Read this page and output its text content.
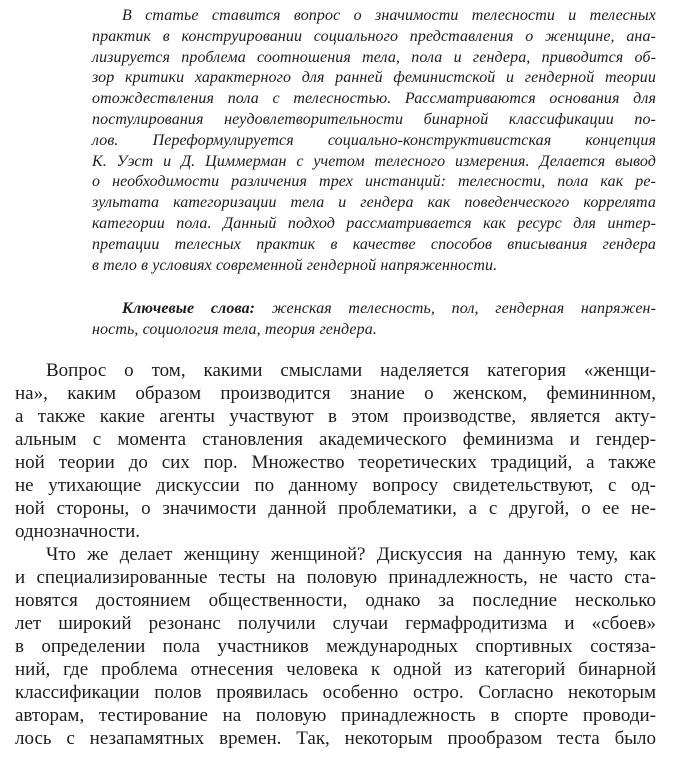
В статье ставится вопрос о значимости телесности и телесных
практик в конструировании социального представления о женщине, ана-
лизируется проблема соотношения тела, пола и гендера, приводится об-
зор критики характерного для ранней феминистской и гендерной теории
отождествления пола с телесностью. Рассматриваются основания для
постулирования неудовлетворительности бинарной классификации по-
лов. Переформулируется социально-конструктивистская концепция
К. Уэст и Д. Циммерман с учетом телесного измерения. Делается вывод
о необходимости различения трех инстанций: телесности, пола как ре-
зультата категоризации тела и гендера как поведенческого коррелята
категории пола. Данный подход рассматривается как ресурс для интер-
претации телесных практик в качестве способов вписывания гендера
в тело в условиях современной гендерной напряженности.
Ключевые слова: женская телесность, пол, гендерная напряжен-
ность, социология тела, теория гендера.
Вопрос о том, какими смыслами наделяется категория «женщи-
на», каким образом производится знание о женском, фемининном,
а также какие агенты участвуют в этом производстве, является акту-
альным с момента становления академического феминизма и гендер-
ной теории до сих пор. Множество теоретических традиций, а также
не утихающие дискуссии по данному вопросу свидетельствуют, с од-
ной стороны, о значимости данной проблематики, а с другой, о ее не-
однозначности.
Что же делает женщину женщиной? Дискуссия на данную тему, как
и специализированные тесты на половую принадлежность, не часто ста-
новятся достоянием общественности, однако за последние несколько
лет широкий резонанс получили случаи гермафродитизма и «сбоев»
в определении пола участников международных спортивных состяза-
ний, где проблема отнесения человека к одной из категорий бинарной
классификации полов проявилась особенно остро. Согласно некоторым
авторам, тестирование на половую принадлежность в спорте проводи-
лось с незапамятных времен. Так, некоторым прообразом теста было
